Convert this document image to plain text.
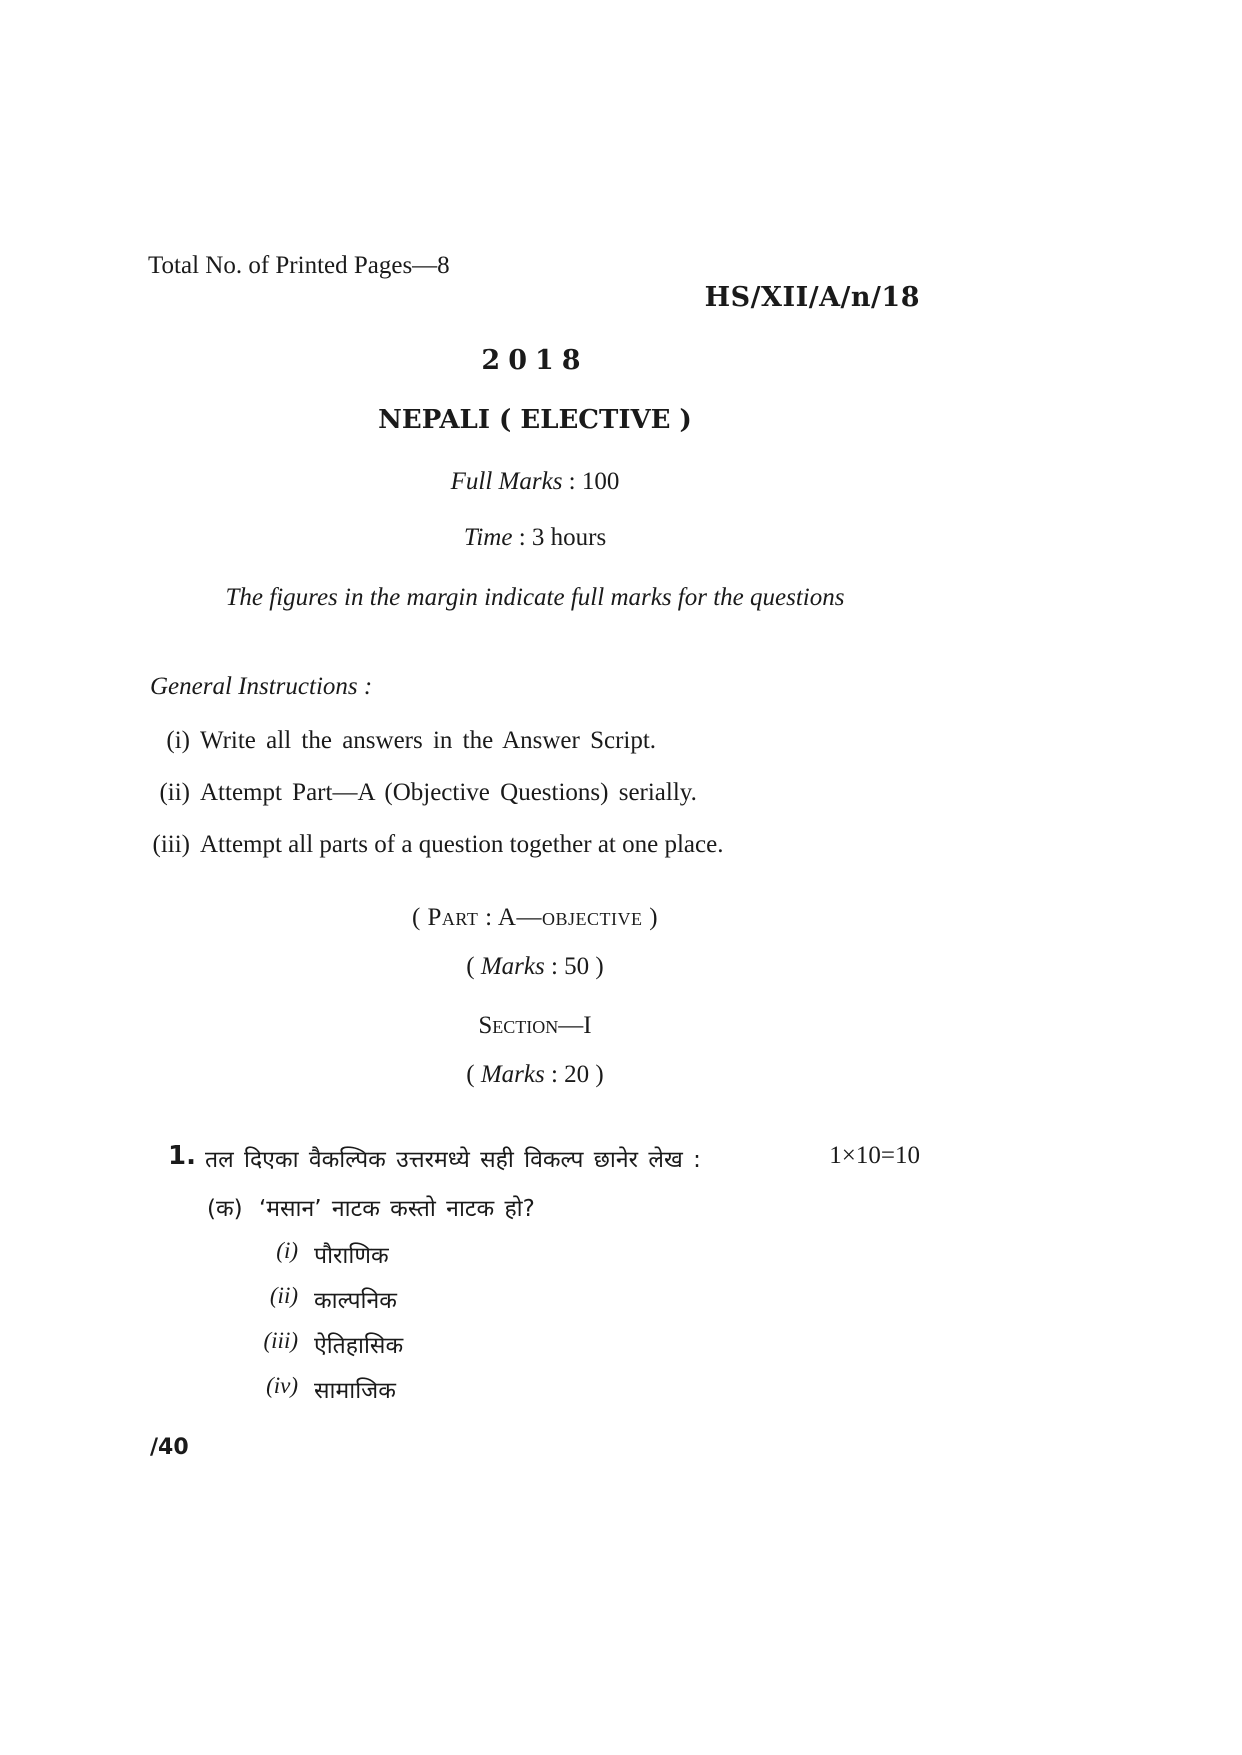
Total No. of Printed Pages—8
HS/XII/A/n/18
2018
NEPALI ( ELECTIVE )
Full Marks : 100
Time : 3 hours
The figures in the margin indicate full marks for the questions
General Instructions :
(i) Write all the answers in the Answer Script.
(ii) Attempt Part—A (Objective Questions) serially.
(iii) Attempt all parts of a question together at one place.
( Part : A—objective )
( Marks : 50 )
Section—I
( Marks : 20 )
1. तल दिएका वैकल्पिक उत्तरमध्ये सही विकल्प छानेर लेख :	1×10=10
(क) ‘मसान’ नाटक कस्तो नाटक हो?
(i) पौराणिक
(ii) काल्पनिक
(iii) ऐतिहासिक
(iv) सामाजिक
/40
